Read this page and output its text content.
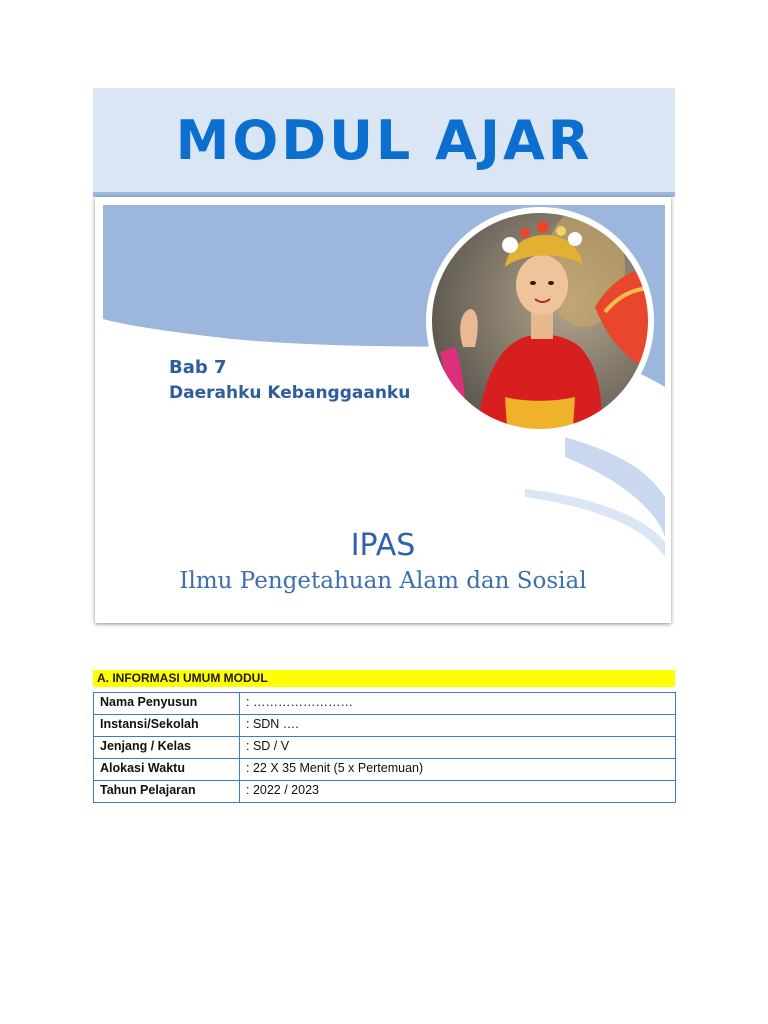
MODUL AJAR
Bab 7
Daerahku Kebanggaanku
IPAS
Ilmu Pengetahuan Alam dan Sosial
A. INFORMASI UMUM MODUL
Nama Penyusun	: ……………………
Instansi/Sekolah	: SDN ….
Jenjang / Kelas	: SD / V
Alokasi Waktu	: 22 X 35 Menit (5 x Pertemuan)
Tahun Pelajaran	: 2022 / 2023
